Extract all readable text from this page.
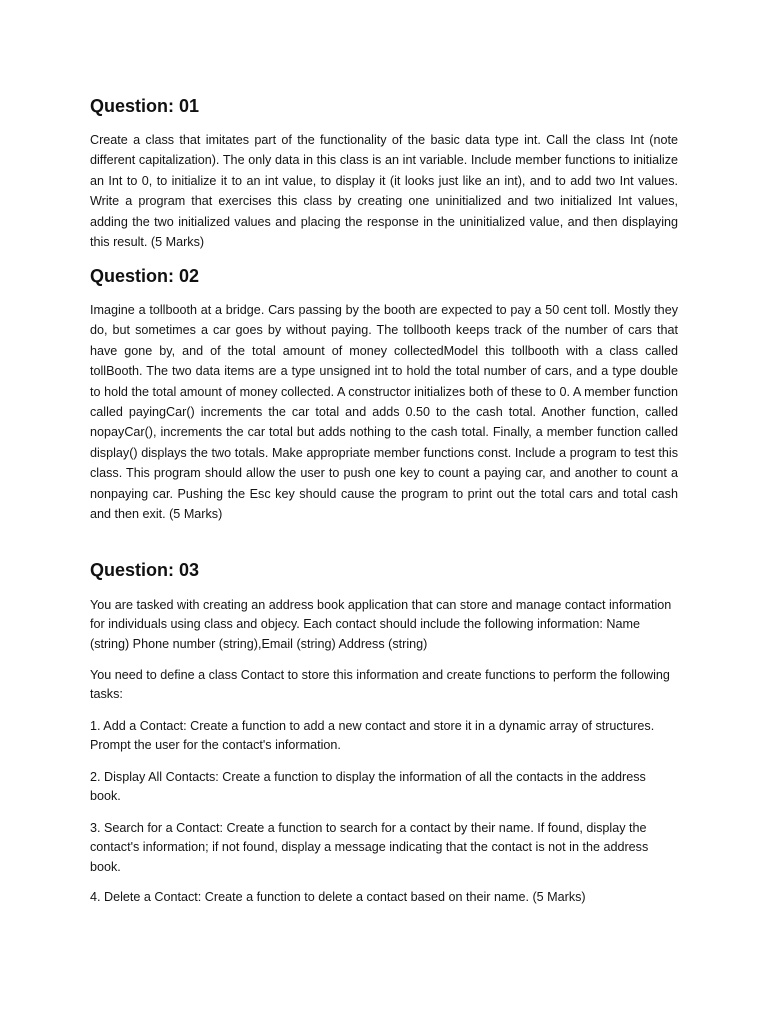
Question: 01

Create a class that imitates part of the functionality of the basic data type int. Call the class Int (note different capitalization). The only data in this class is an int variable. Include member functions to initialize an Int to 0, to initialize it to an int value, to display it (it looks just like an int), and to add two Int values. Write a program that exercises this class by creating one uninitialized and two initialized Int values, adding the two initialized values and placing the response in the uninitialized value, and then displaying this result. (5 Marks)

Question: 02

Imagine a tollbooth at a bridge. Cars passing by the booth are expected to pay a 50 cent toll. Mostly they do, but sometimes a car goes by without paying. The tollbooth keeps track of the number of cars that have gone by, and of the total amount of money collectedModel this tollbooth with a class called tollBooth. The two data items are a type unsigned int to hold the total number of cars, and a type double to hold the total amount of money collected. A constructor initializes both of these to 0. A member function called payingCar() increments the car total and adds 0.50 to the cash total. Another function, called nopayCar(), increments the car total but adds nothing to the cash total. Finally, a member function called display() displays the two totals. Make appropriate member functions const. Include a program to test this class. This program should allow the user to push one key to count a paying car, and another to count a nonpaying car. Pushing the Esc key should cause the program to print out the total cars and total cash and then exit. (5 Marks)

Question: 03

You are tasked with creating an address book application that can store and manage contact information for individuals using class and objecy. Each contact should include the following information: Name (string) Phone number (string),Email (string) Address (string)

You need to define a class Contact to store this information and create functions to perform the following tasks:

1. Add a Contact: Create a function to add a new contact and store it in a dynamic array of structures. Prompt the user for the contact's information.

2. Display All Contacts: Create a function to display the information of all the contacts in the address book.

3. Search for a Contact: Create a function to search for a contact by their name. If found, display the contact's information; if not found, display a message indicating that the contact is not in the address book.

4. Delete a Contact: Create a function to delete a contact based on their name. (5 Marks)
